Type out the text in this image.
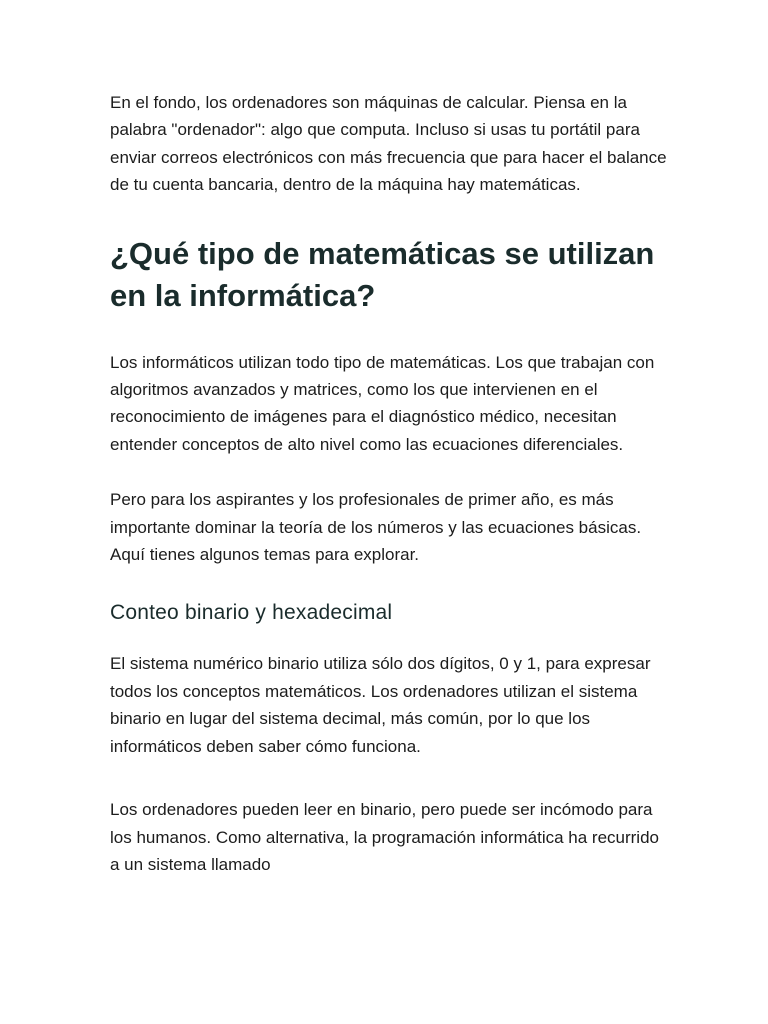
En el fondo, los ordenadores son máquinas de calcular. Piensa en la palabra "ordenador": algo que computa. Incluso si usas tu portátil para enviar correos electrónicos con más frecuencia que para hacer el balance de tu cuenta bancaria, dentro de la máquina hay matemáticas.

¿Qué tipo de matemáticas se utilizan en la informática?

Los informáticos utilizan todo tipo de matemáticas. Los que trabajan con algoritmos avanzados y matrices, como los que intervienen en el reconocimiento de imágenes para el diagnóstico médico, necesitan entender conceptos de alto nivel como las ecuaciones diferenciales.

Pero para los aspirantes y los profesionales de primer año, es más importante dominar la teoría de los números y las ecuaciones básicas. Aquí tienes algunos temas para explorar.

Conteo binario y hexadecimal

El sistema numérico binario utiliza sólo dos dígitos, 0 y 1, para expresar todos los conceptos matemáticos. Los ordenadores utilizan el sistema binario en lugar del sistema decimal, más común, por lo que los informáticos deben saber cómo funciona.

Los ordenadores pueden leer en binario, pero puede ser incómodo para los humanos. Como alternativa, la programación informática ha recurrido a un sistema llamado
